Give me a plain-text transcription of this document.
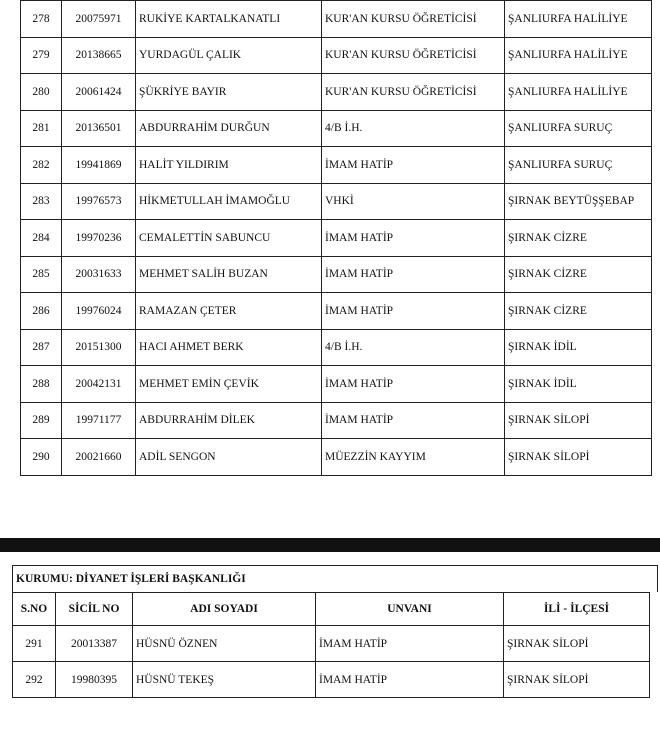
278	20075971	RUKİYE KARTALKANATLI	KUR'AN KURSU ÖĞRETİCİSİ	ŞANLIURFA HALİLİYE
279	20138665	YURDAGÜL ÇALIK	KUR'AN KURSU ÖĞRETİCİSİ	ŞANLIURFA HALİLİYE
280	20061424	ŞÜKRİYE BAYIR	KUR'AN KURSU ÖĞRETİCİSİ	ŞANLIURFA HALİLİYE
281	20136501	ABDURRAHİM DURĞUN	4/B İ.H.	ŞANLIURFA SURUÇ
282	19941869	HALİT YILDIRIM	İMAM HATİP	ŞANLIURFA SURUÇ
283	19976573	HİKMETULLAH İMAMOĞLU	VHKİ	ŞIRNAK BEYTÜŞŞEBAP
284	19970236	CEMALETTİN SABUNCU	İMAM HATİP	ŞIRNAK CİZRE
285	20031633	MEHMET SALİH BUZAN	İMAM HATİP	ŞIRNAK CİZRE
286	19976024	RAMAZAN ÇETER	İMAM HATİP	ŞIRNAK CİZRE
287	20151300	HACI AHMET BERK	4/B İ.H.	ŞIRNAK İDİL
288	20042131	MEHMET EMİN ÇEVİK	İMAM HATİP	ŞIRNAK İDİL
289	19971177	ABDURRAHİM DİLEK	İMAM HATİP	ŞIRNAK SİLOPİ
290	20021660	ADİL SENGON	MÜEZZİN KAYYIM	ŞIRNAK SİLOPİ
KURUMU: DİYANET İŞLERİ BAŞKANLIĞI
S.NO	SİCİL NO	ADI SOYADI	UNVANI	İLİ - İLÇESİ
291	20013387	HÜSNÜ ÖZNEN	İMAM HATİP	ŞIRNAK SİLOPİ
292	19980395	HÜSNÜ TEKEŞ	İMAM HATİP	ŞIRNAK SİLOPİ
